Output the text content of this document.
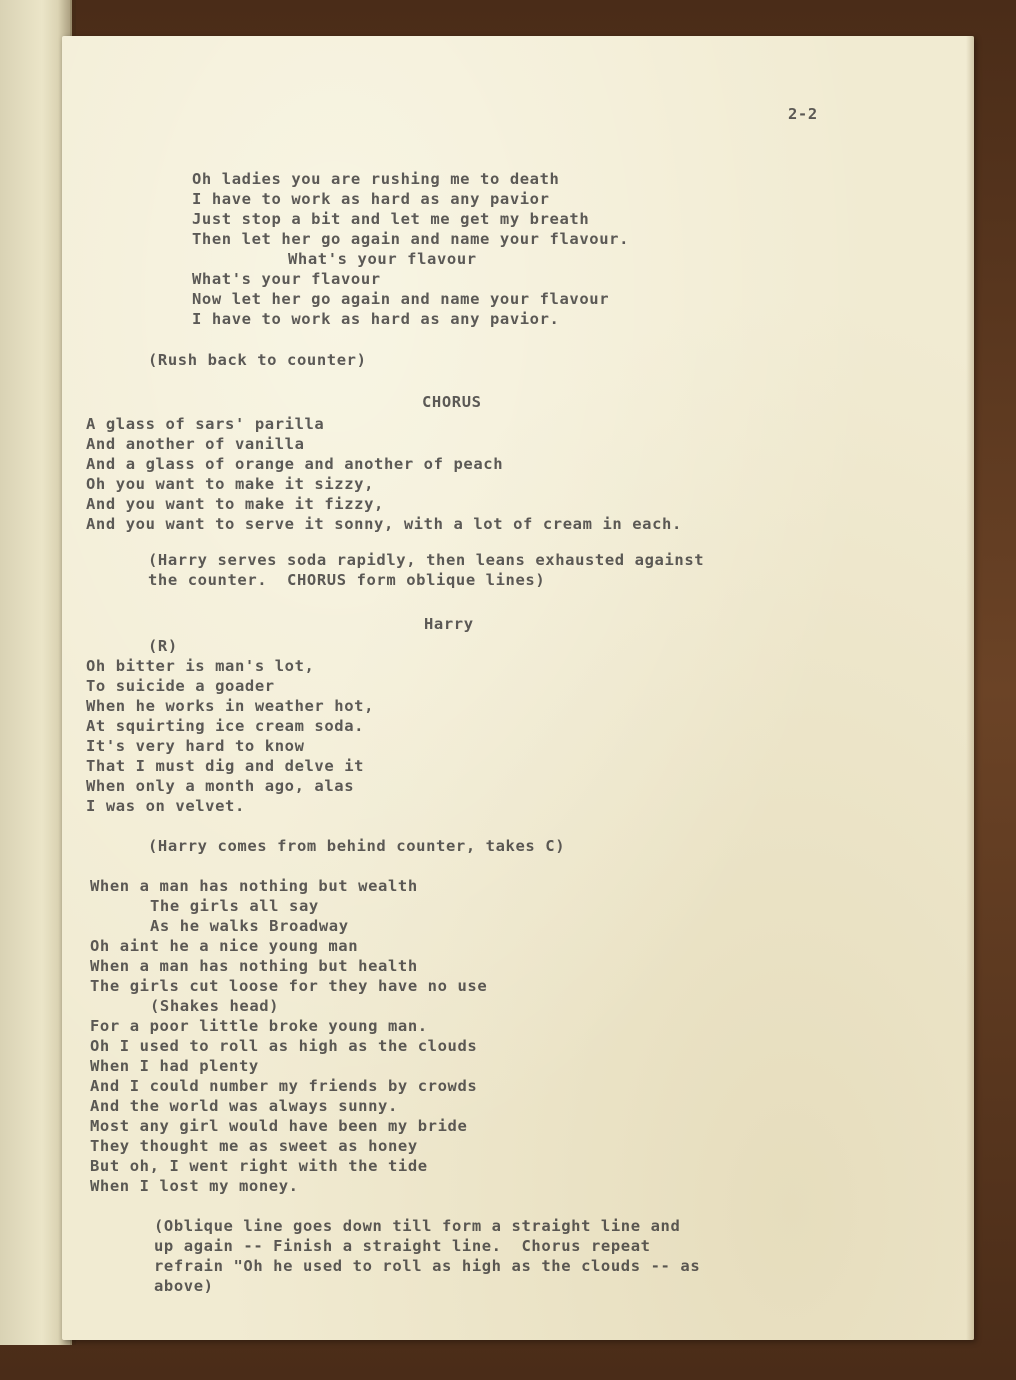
2-2
Oh ladies you are rushing me to death
I have to work as hard as any pavior
Just stop a bit and let me get my breath
Then let her go again and name your flavour.
What's your flavour
What's your flavour
Now let her go again and name your flavour
I have to work as hard as any pavior.
(Rush back to counter)
CHORUS
A glass of sars' parilla
And another of vanilla
And a glass of orange and another of peach
Oh you want to make it sizzy,
And you want to make it fizzy,
And you want to serve it sonny, with a lot of cream in each.
(Harry serves soda rapidly, then leans exhausted against
the counter.  CHORUS form oblique lines)
Harry
(R)
Oh bitter is man's lot,
To suicide a goader
When he works in weather hot,
At squirting ice cream soda.
It's very hard to know
That I must dig and delve it
When only a month ago, alas
I was on velvet.
(Harry comes from behind counter, takes C)
When a man has nothing but wealth
The girls all say
As he walks Broadway
Oh aint he a nice young man
When a man has nothing but health
The girls cut loose for they have no use
(Shakes head)
For a poor little broke young man.
Oh I used to roll as high as the clouds
When I had plenty
And I could number my friends by crowds
And the world was always sunny.
Most any girl would have been my bride
They thought me as sweet as honey
But oh, I went right with the tide
When I lost my money.
(Oblique line goes down till form a straight line and
up again -- Finish a straight line.  Chorus repeat
refrain "Oh he used to roll as high as the clouds -- as
above)
